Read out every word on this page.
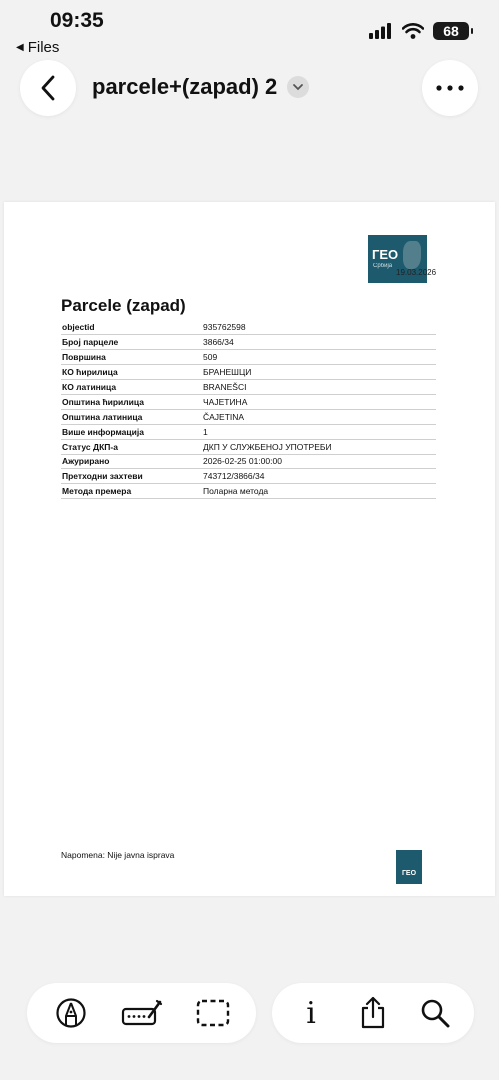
09:35
◀ Files
68
parcele+(zapad) 2
ГЕО
Србија
19.03.2026
Parcele (zapad)
objectid	935762598
Број парцеле	3866/34
Површина	509
КО ћирилица	БРАНЕШЦИ
КО латиница	BRANEŠCI
Општина ћирилица	ЧАЈЕТИНА
Општина латиница	ČAJETINA
Више информација	1
Статус ДКП-а	ДКП У СЛУЖБЕНОЈ УПОТРЕБИ
Ажурирано	2026-02-25 01:00:00
Претходни захтеви	743712/3866/34
Метода премера	Поларна метода
Napomena: Nije javna isprava
ГЕО
i
